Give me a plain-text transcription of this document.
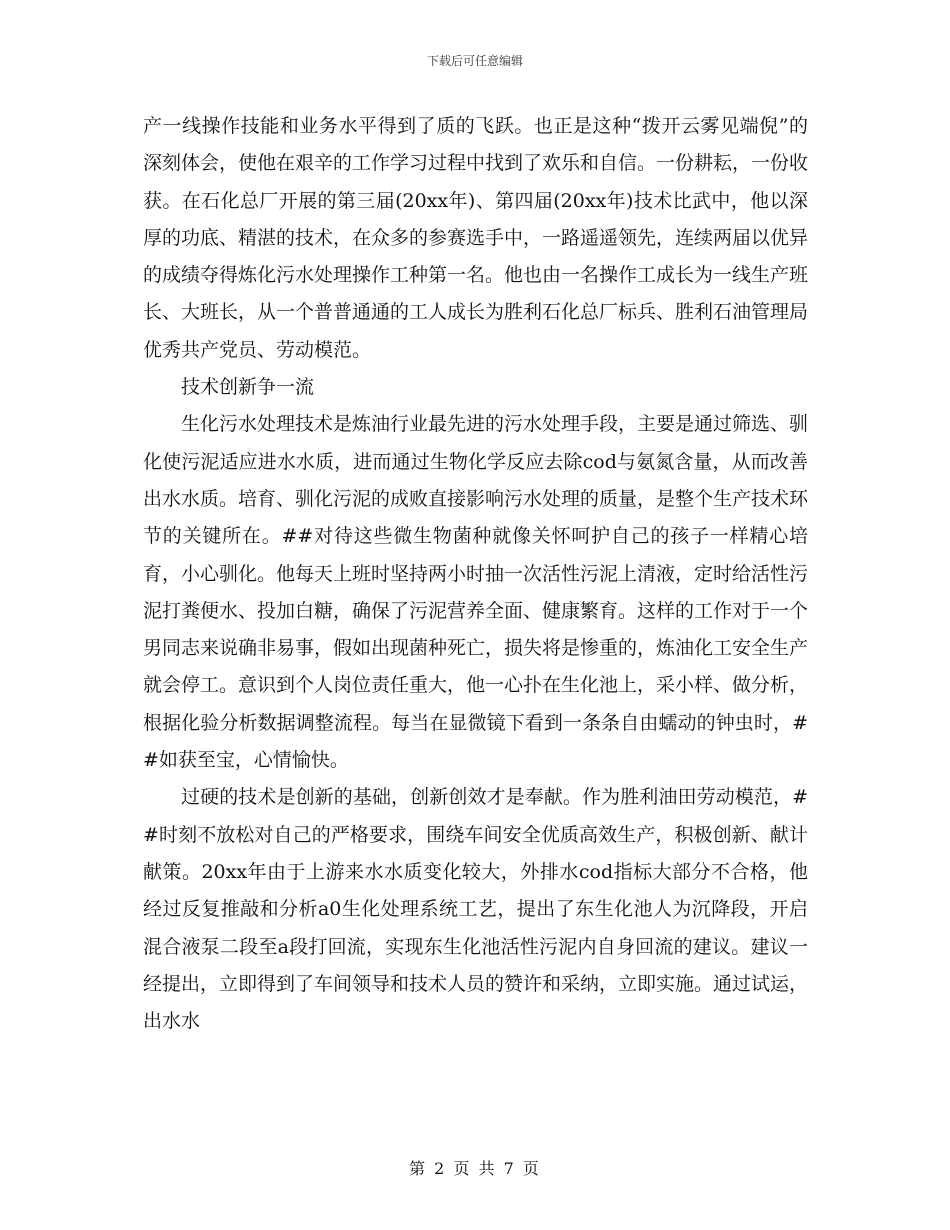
下载后可任意编辑

产一线操作技能和业务水平得到了质的飞跃。也正是这种“拨开云雾见端倪”的深刻体会，使他在艰辛的工作学习过程中找到了欢乐和自信。一份耕耘，一份收获。在石化总厂开展的第三届(20xx年)、第四届(20xx年)技术比武中，他以深厚的功底、精湛的技术，在众多的参赛选手中，一路遥遥领先，连续两届以优异的成绩夺得炼化污水处理操作工种第一名。他也由一名操作工成长为一线生产班长、大班长，从一个普普通通的工人成长为胜利石化总厂标兵、胜利石油管理局优秀共产党员、劳动模范。

技术创新争一流

生化污水处理技术是炼油行业最先进的污水处理手段，主要是通过筛选、驯化使污泥适应进水水质，进而通过生物化学反应去除cod与氨氮含量，从而改善出水水质。培育、驯化污泥的成败直接影响污水处理的质量，是整个生产技术环节的关键所在。##对待这些微生物菌种就像关怀呵护自己的孩子一样精心培育，小心驯化。他每天上班时坚持两小时抽一次活性污泥上清液，定时给活性污泥打粪便水、投加白糖，确保了污泥营养全面、健康繁育。这样的工作对于一个男同志来说确非易事，假如出现菌种死亡，损失将是惨重的，炼油化工安全生产就会停工。意识到个人岗位责任重大，他一心扑在生化池上，采小样、做分析，根据化验分析数据调整流程。每当在显微镜下看到一条条自由蠕动的钟虫时，##如获至宝，心情愉快。

过硬的技术是创新的基础，创新创效才是奉献。作为胜利油田劳动模范，##时刻不放松对自己的严格要求，围绕车间安全优质高效生产，积极创新、献计献策。20xx年由于上游来水水质变化较大，外排水cod指标大部分不合格，他经过反复推敲和分析a0生化处理系统工艺，提出了东生化池人为沉降段，开启混合液泵二段至a段打回流，实现东生化池活性污泥内自身回流的建议。建议一经提出，立即得到了车间领导和技术人员的赞许和采纳，立即实施。通过试运，出水水

第 2 页 共 7 页
